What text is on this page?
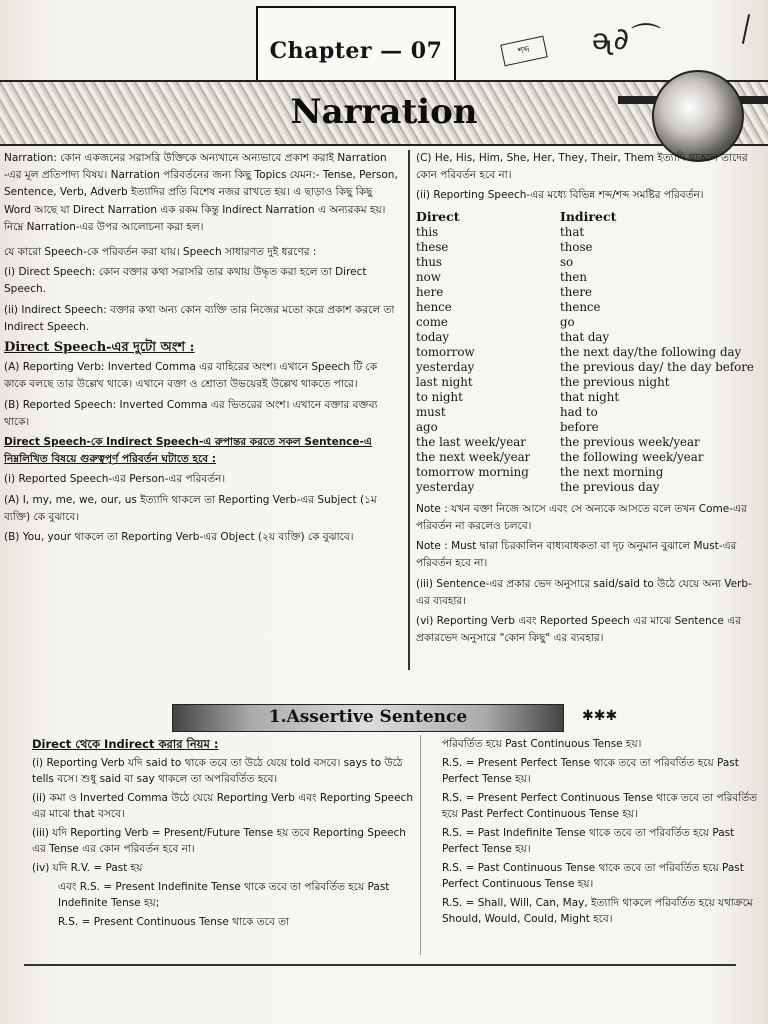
Chapter — 07	শব্দ	ᶕ∂⌒
Narration

Narration: কোন একজনের সরাসরি উক্তিকে অন্যখানে অন্যভাবে প্রকাশ করাই Narration -এর মূল প্রতিপাদ্য বিষয়। Narration পরিবর্তনের জন্য কিছু Topics যেমন:- Tense, Person, Sentence, Verb, Adverb ইত্যাদির প্রতি বিশেষ নজর রাখতে হয়। এ ছাড়াও কিছু কিছু Word আছে যা Direct Narration এক রকম কিন্তু Indirect Narration এ অন্যরকম হয়। নিম্নে Narration-এর উপর আলোচনা করা হল।

যে কারো Speech-কে পরিবর্তন করা যায়। Speech সাধারণত দুই ধরণের :

(i) Direct Speech: কোন বক্তার কথা সরাসরি তার কথায় উদ্ধৃত করা হলে তা Direct Speech.

(ii) Indirect Speech: বক্তার কথা অন্য কোন ব্যক্তি তার নিজের মতো করে প্রকাশ করলে তা Indirect Speech.

Direct Speech-এর দুটো অংশ :

(A) Reporting Verb: Inverted Comma এর বাহিরের অংশ। এখানে Speech টি কে কাকে বলছে তার উল্লেখ থাকে। এখানে বক্তা ও শ্রোতা উভয়েরই উল্লেখ থাকতে পারে।

(B) Reported Speech: Inverted Comma এর ভিতরের অংশ। এখানে বক্তার বক্তব্য থাকে।

Direct Speech-কে Indirect Speech-এ রুপান্তর করতে সকল Sentence-এ নিম্নলিখিত বিষয়ে গুরুত্বপূর্ণ পরিবর্তন ঘটাতে হবে :

(i) Reported Speech-এর Person-এর পরিবর্তন।

(A) I, my, me, we, our, us ইত্যাদি থাকলে তা Reporting Verb-এর Subject (১ম ব্যক্তি) কে বুঝাবে।

(B) You, your থাকলে তা Reporting Verb-এর Object (২য় ব্যক্তি) কে বুঝাবে।

(C) He, His, Him, She, Her, They, Their, Them ইত্যাদি থাকলে তাদের কোন পরিবর্তন হবে না।

(ii) Reporting Speech-এর মধ্যে বিভিন্ন শব্দ/শব্দ সমষ্টির পরিবর্তন।

Direct	Indirect
this	that
these	those
thus	so
now	then
here	there
hence	thence
come	go
today	that day
tomorrow	the next day/the following day
yesterday	the previous day/ the day before
last night	the previous night
to night	that night
must	had to
ago	before
the last week/year	the previous week/year
the next week/year	the following week/year
tomorrow morning	the next morning
yesterday	the previous day

Note : যখন বক্তা নিজে আসে এবং সে অন্যকে আসতে বলে তখন Come-এর পরিবর্তন না করলেও চলবে।

Note : Must দ্বারা চিরকালিন বাধ্যবাধকতা বা দৃঢ় অনুমান বুঝালে Must-এর পরিবর্তন হবে না।

(iii) Sentence-এর প্রকার ভেদ অনুসারে said/said to উঠে যেয়ে অন্য Verb-এর ব্যবহার।

(vi) Reporting Verb এবং Reported Speech এর মাঝে Sentence এর প্রকারভেদ অনুসারে "কোন কিছু" এর ব্যবহার।

1.Assertive Sentence	✱✱✱

Direct থেকে Indirect করার নিয়ম :

(i) Reporting Verb যদি said to থাকে তবে তা উঠে যেয়ে told বসবে। says to উঠে tells বসে। শুধু said বা say থাকলে তা অপরিবর্তিত হবে।

(ii) কমা ও Inverted Comma উঠে যেয়ে Reporting Verb এবং Reporting Speech এর মাঝে that বসবে।

(iii) যদি Reporting Verb = Present/Future Tense হয় তবে Reporting Speech এর Tense এর কোন পরিবর্তন হবে না।

(iv) যদি R.V. = Past হয়

এবং R.S. = Present Indefinite Tense থাকে তবে তা পরিবর্তিত হয়ে Past Indefinite Tense হয়;

R.S. = Present Continuous Tense থাকে তবে তা

পরিবর্তিত হয়ে Past Continuous Tense হয়।

R.S. = Present Perfect Tense থাকে তবে তা পরিবর্তিত হয়ে Past Perfect Tense হয়।

R.S. = Present Perfect Continuous Tense থাকে তবে তা পরিবর্তিত হয়ে Past Perfect Continuous Tense হয়।

R.S. = Past Indefinite Tense থাকে তবে তা পরিবর্তিত হয়ে Past Perfect Tense হয়।

R.S. = Past Continuous Tense থাকে তবে তা পরিবর্তিত হয়ে Past Perfect Continuous Tense হয়।

R.S. = Shall, Will, Can, May, ইত্যাদি থাকলে পরিবর্তিত হয়ে যথাক্রমে Should, Would, Could, Might হবে।
